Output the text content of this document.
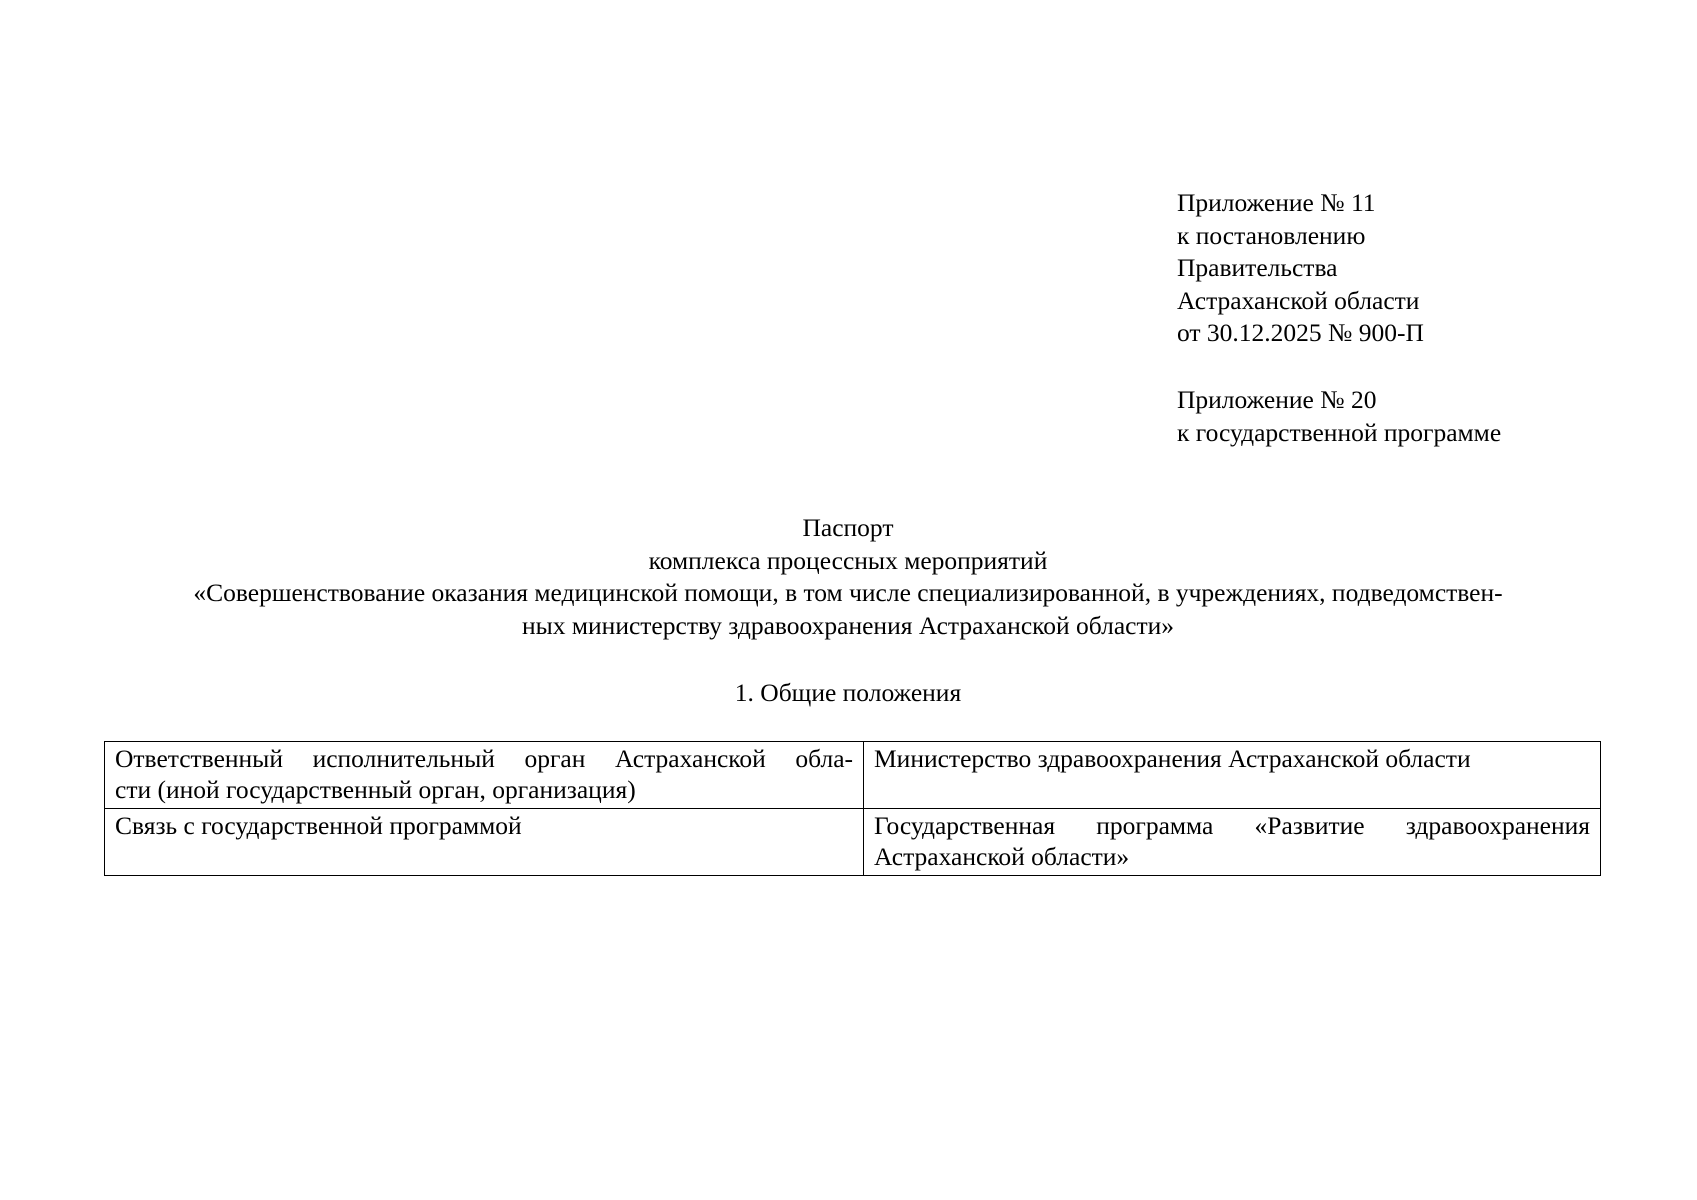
Приложение № 11
к постановлению
Правительства
Астраханской области
от 30.12.2025 № 900-П
Приложение № 20
к государственной программе
Паспорт
комплекса процессных мероприятий
«Совершенствование оказания медицинской помощи, в том числе специализированной, в учреждениях, подведомствен-
ных министерству здравоохранения Астраханской области»
1. Общие положения
Ответственный исполнительный орган Астраханской обла-
сти (иной государственный орган, организация)	Министерство здравоохранения Астраханской области

Связь с государственной программой	Государственная программа «Развитие здравоохранения
Астраханской области»
